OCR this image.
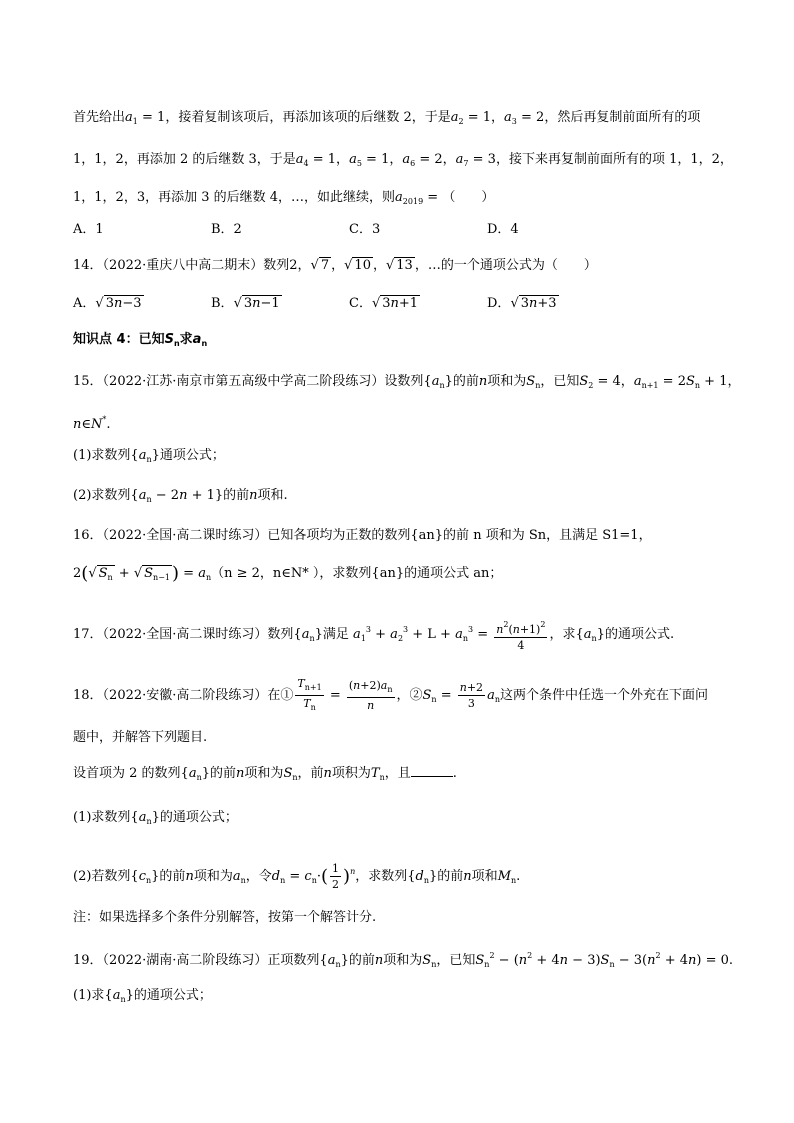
首先给出$a_1 = 1$，接着复制该项后，再添加该项的后继数 2，于是$a_2 = 1$，$a_3 = 2$，然后再复制前面所有的项
1，1，2，再添加 2 的后继数 3，于是$a_4 = 1$，$a_5 = 1$，$a_6 = 2$，$a_7 = 3$，接下来再复制前面所有的项 1，1，2，
1，1，2，3，再添加 3 的后继数 4，…，如此继续，则$a_{2019}$ = （　　）
A．1	B．2	C．3	D．4
14．（2022·重庆八中高二期末）数列2，√ 7 ，√ 10 ，√ 13 ，…的一个通项公式为（　　）
A．√ 3n−3	B．√ 3n−1	C．√ 3n+1	D．√ 3n+3
知识点 4：已知$S_n$求$a_n$
15．（2022·江苏·南京市第五高级中学高二阶段练习）设数列$\{a_n\}$的前n项和为$S_n$，已知$S_2 = 4$，$a_{n+1} = 2S_n + 1$，
n∈N*.
(1)求数列$\{a_n\}$通项公式；
(2)求数列$\{a_n - 2n + 1\}$的前n项和.
16．（2022·全国·高二课时练习）已知各项均为正数的数列{an}的前 n 项和为 Sn，且满足 S1=1，
2(√ $S_n$ + √ $S_{n-1}$ ) = $a_n(n \ge 2$，n∈N* ），求数列{an}的通项公式 an；
17．（2022·全国·高二课时练习）数列$\{a_n\}$满足 $a_1^3 + a_2^3 + L + a_n^3 = \frac{n^2(n+1)^2}{4}$ ，求$\{a_n\}$的通项公式.
18．（2022·安徽·高二阶段练习）在① $\frac{T_{n+1}}{T_n} = \frac{(n+2)a_n}{n}$ ，$②S_n = \frac{n+2}{3} a_n$这两个条件中任选一个外充在下面问
题中，并解答下列题目.
设首项为 2 的数列$\{a_n\}$的前n项和为$S_n$，前n项积为$T_n$，且	.
(1)求数列$\{a_n\}$的通项公式；
(2)若数列$\{c_n\}$的前n项和为$a_n$，令$d_n = c_n\cdot( \frac{1}{2} )^n$，求数列$\{d_n\}$的前n项和$M_n$.
注：如果选择多个条件分别解答，按第一个解答计分.
19．（2022·湖南·高二阶段练习）正项数列$\{a_n\}$的前n项和为$S_n$，已知$S_n^2 - (n^2 + 4n - 3)S_n - 3(n^2 + 4n) = 0$.
(1)求$\{a_n\}$的通项公式；
